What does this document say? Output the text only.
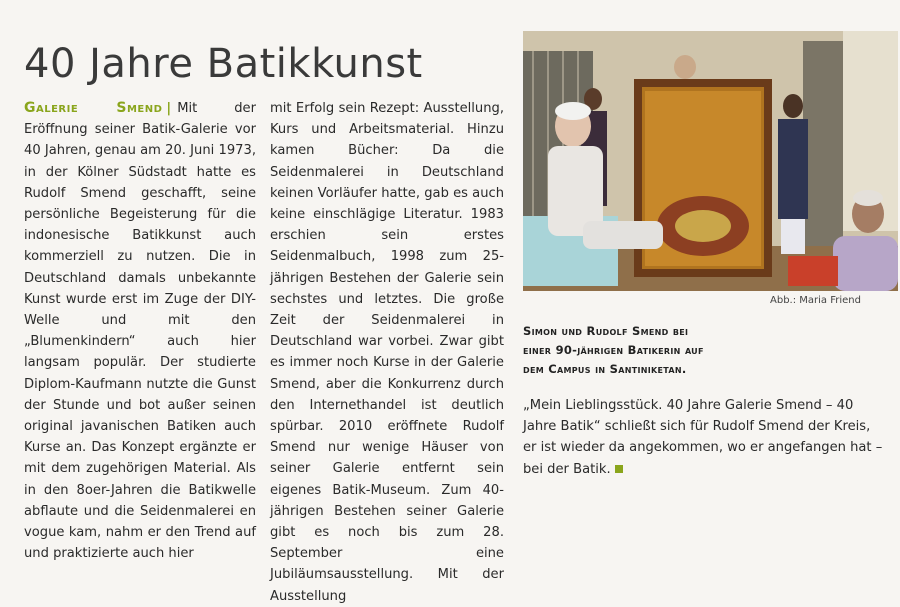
40 Jahre Batikkunst
Galerie Smend | Mit der Eröffnung seiner Batik-Galerie vor 40 Jahren, genau am 20. Juni 1973, in der Kölner Südstadt hatte es Rudolf Smend geschafft, seine persönliche Begeisterung für die indonesische Batikkunst auch kommerziell zu nutzen. Die in Deutschland damals unbekannte Kunst wurde erst im Zuge der DIY-Welle und mit den „Blumenkindern“ auch hier langsam populär. Der studierte Diplom-Kaufmann nutzte die Gunst der Stunde und bot außer seinen original javanischen Batiken auch Kurse an. Das Konzept ergänzte er mit dem zugehörigen Material. Als in den 8oer-Jahren die Batikwelle abflaute und die Seidenmalerei en vogue kam, nahm er den Trend auf und praktizierte auch hier
mit Erfolg sein Rezept: Ausstellung, Kurs und Arbeitsmaterial. Hinzu kamen Bücher: Da die Seidenmalerei in Deutschland keinen Vorläufer hatte, gab es auch keine einschlägige Literatur. 1983 erschien sein erstes Seidenmalbuch, 1998 zum 25-jährigen Bestehen der Galerie sein sechstes und letztes. Die große Zeit der Seidenmalerei in Deutschland war vorbei. Zwar gibt es immer noch Kurse in der Galerie Smend, aber die Konkurrenz durch den Internethandel ist deutlich spürbar. 2010 eröffnete Rudolf Smend nur wenige Häuser von seiner Galerie entfernt sein eigenes Batik-Museum. Zum 40-jährigen Bestehen seiner Galerie gibt es noch bis zum 28. September eine Jubiläumsausstellung. Mit der Ausstellung
Abb.: Maria Friend
Simon und Rudolf Smend bei
einer 90-jährigen Batikerin auf
dem Campus in Santiniketan.
„Mein Lieblingsstück. 40 Jahre Galerie Smend – 40 Jahre Batik“ schließt sich für Rudolf Smend der Kreis, er ist wieder da angekommen, wo er angefangen hat – bei der Batik.
